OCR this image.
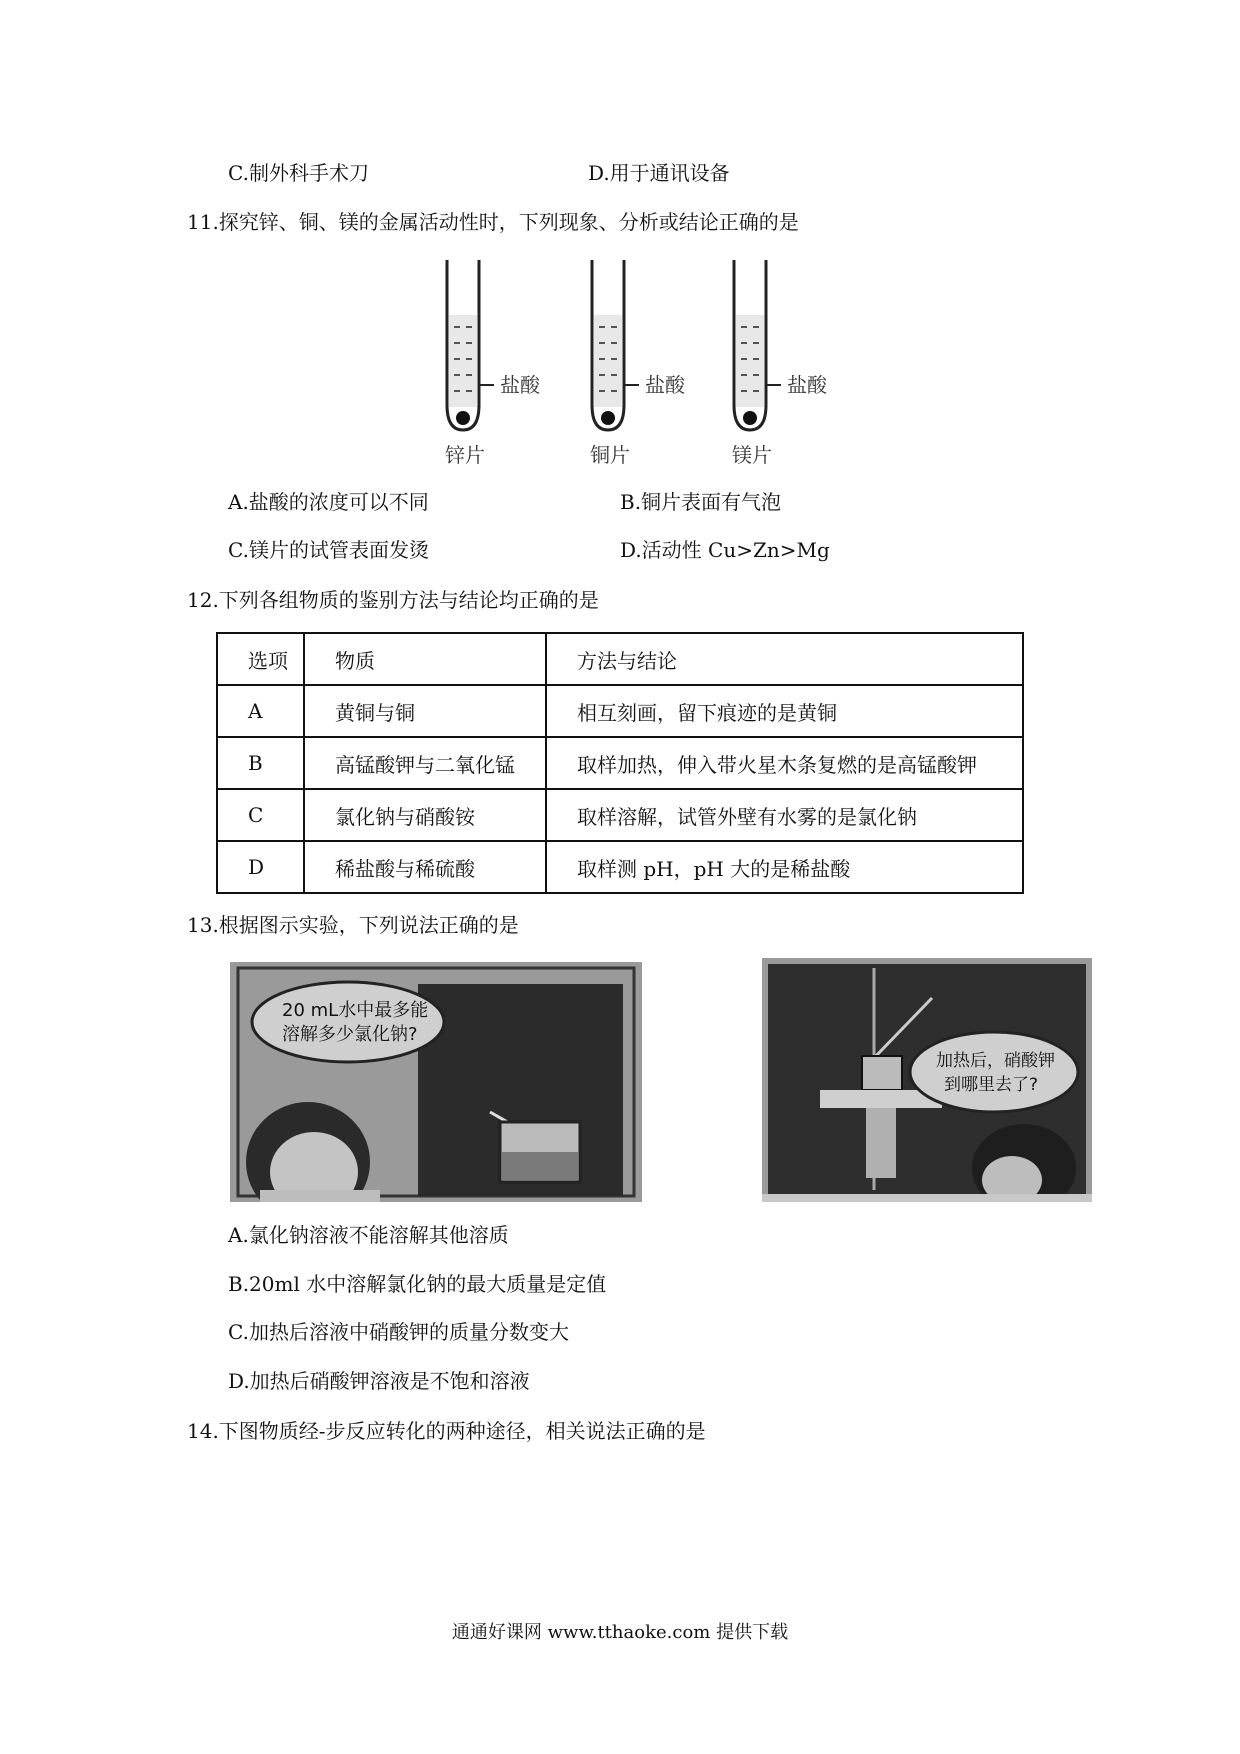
C.制外科手术刀	D.用于通讯设备
11.探究锌、铜、镁的金属活动性时，下列现象、分析或结论正确的是
盐酸	盐酸	盐酸
锌片	铜片	镁片
A.盐酸的浓度可以不同	B.铜片表面有气泡
C.镁片的试管表面发烫	D.活动性 Cu>Zn>Mg
12.下列各组物质的鉴别方法与结论均正确的是
选项	物质	方法与结论
A	黄铜与铜	相互刻画，留下痕迹的是黄铜
B	高锰酸钾与二氧化锰	取样加热，伸入带火星木条复燃的是高锰酸钾
C	氯化钠与硝酸铵	取样溶解，试管外壁有水雾的是氯化钠
D	稀盐酸与稀硫酸	取样测 pH，pH 大的是稀盐酸
13.根据图示实验，下列说法正确的是
20 mL水中最多能
溶解多少氯化钠?
加热后，硝酸钾
到哪里去了?
A.氯化钠溶液不能溶解其他溶质
B.20ml 水中溶解氯化钠的最大质量是定值
C.加热后溶液中硝酸钾的质量分数变大
D.加热后硝酸钾溶液是不饱和溶液
14.下图物质经-步反应转化的两种途径，相关说法正确的是
通通好课网 www.tthaoke.com 提供下载
